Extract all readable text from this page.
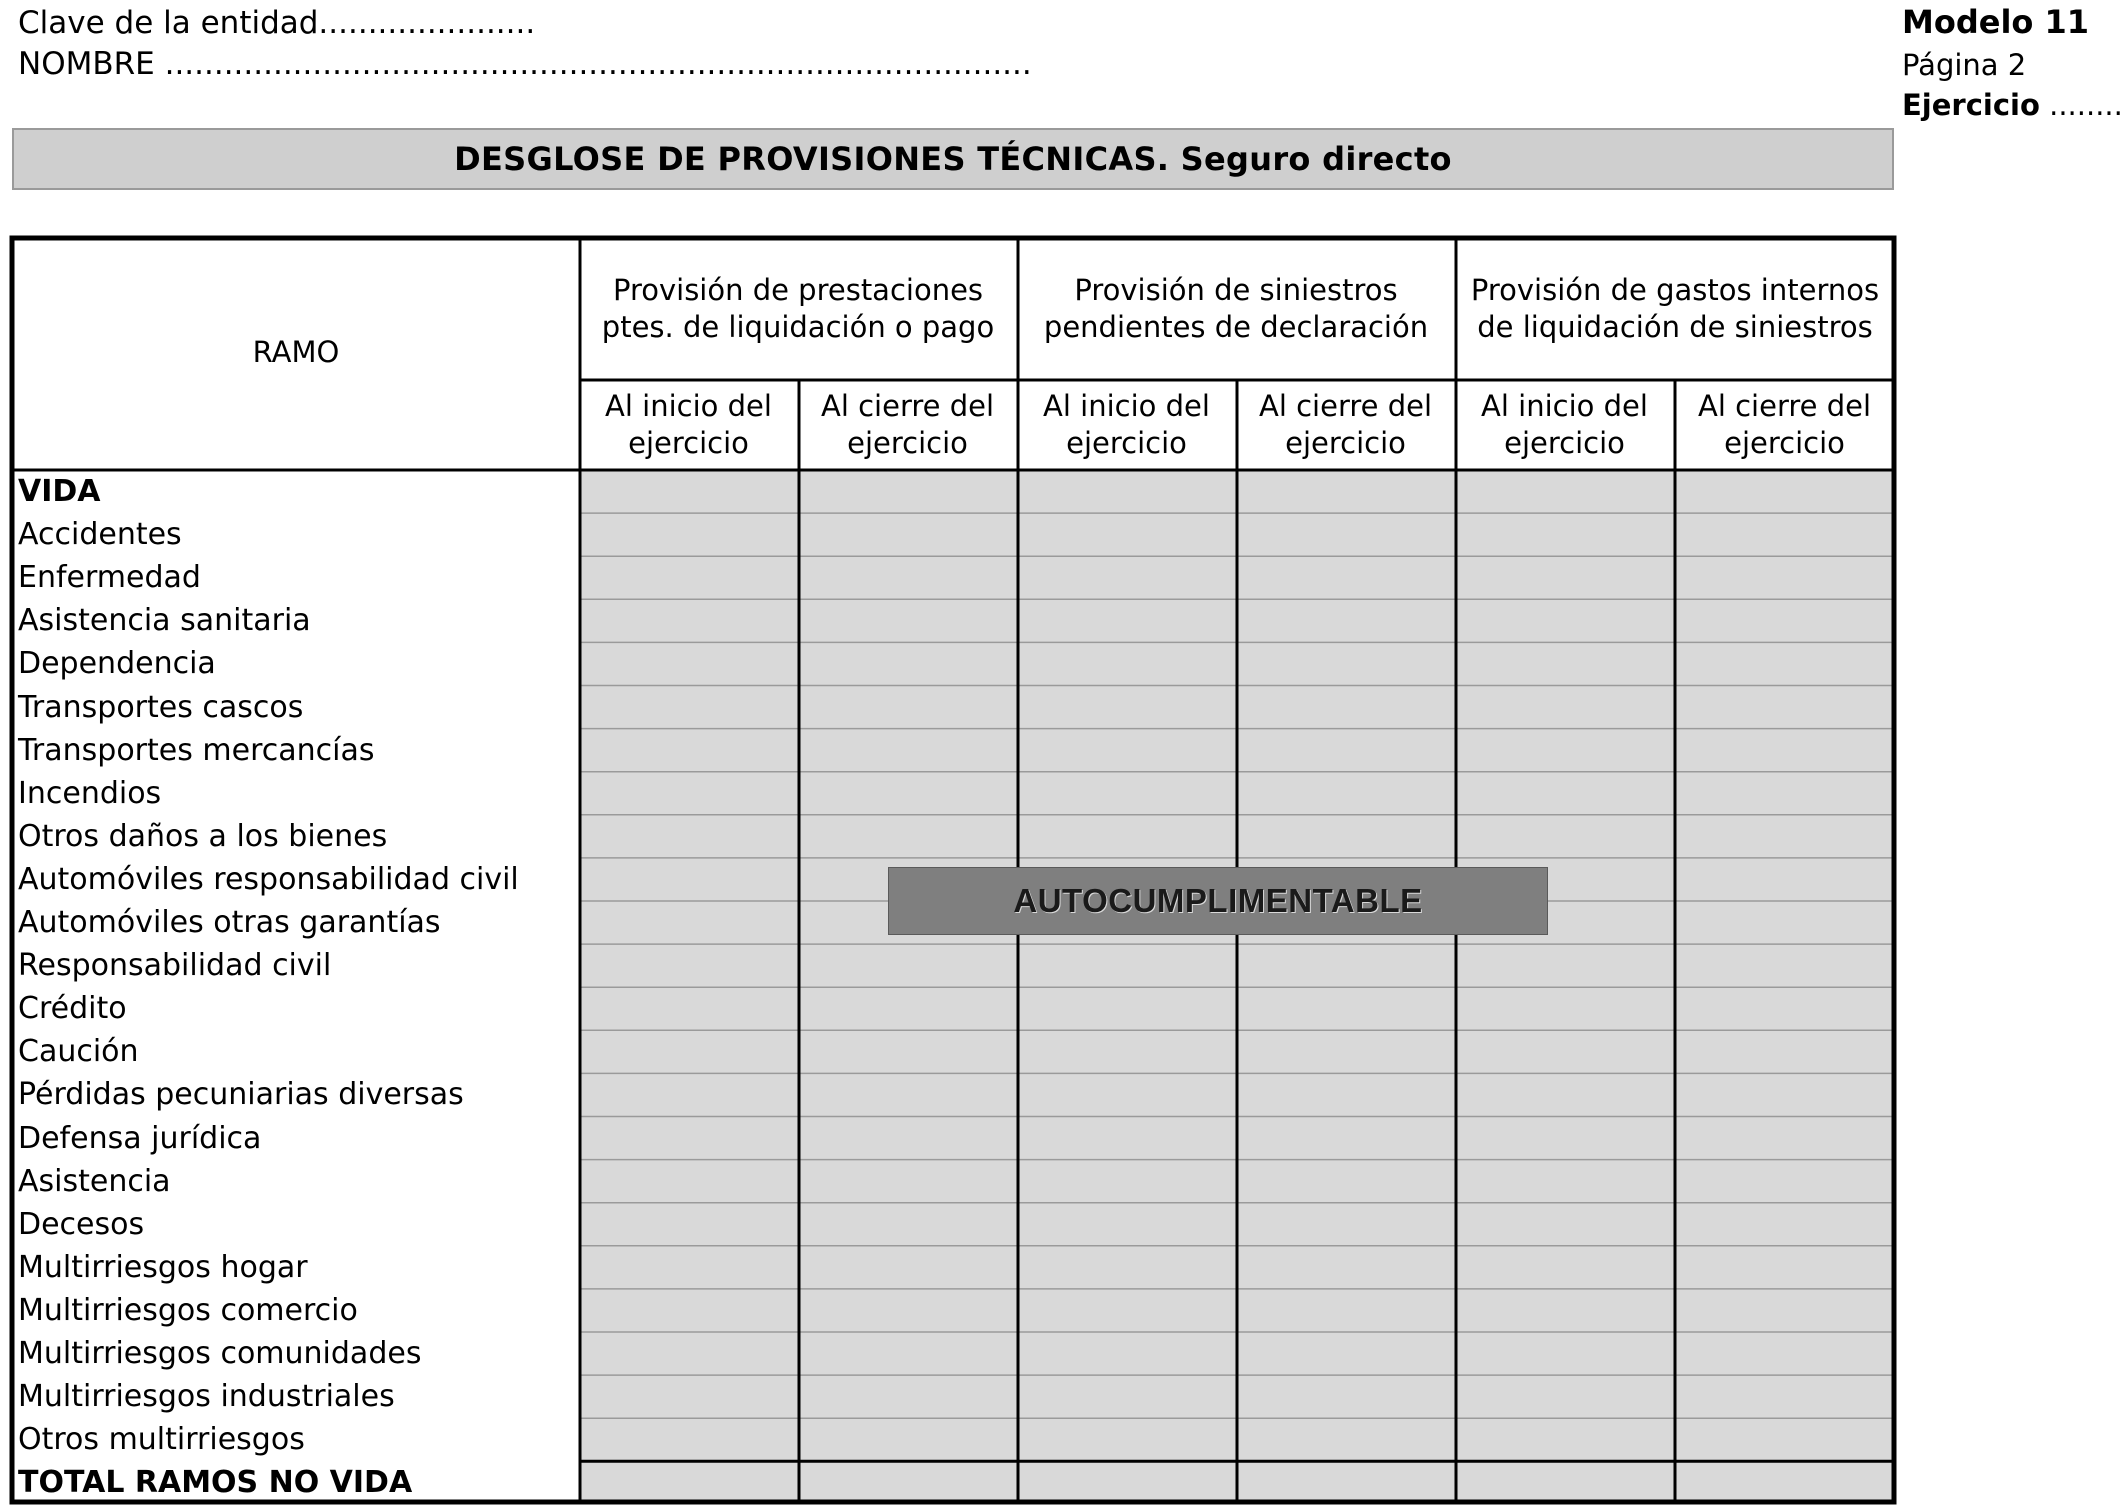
Clave de la entidad......................
NOMBRE ........................................................................................
Modelo 11
Página 2
Ejercicio ........
DESGLOSE DE PROVISIONES TÉCNICAS. Seguro directo
RAMO
Provisión de prestaciones
ptes. de liquidación o pago
Provisión de siniestros
pendientes de declaración
Provisión de gastos internos
de liquidación de siniestros
Al inicio del
ejercicio
Al cierre del
ejercicio
Al inicio del
ejercicio
Al cierre del
ejercicio
Al inicio del
ejercicio
Al cierre del
ejercicio
VIDA
Accidentes
Enfermedad
Asistencia sanitaria
Dependencia
Transportes cascos
Transportes mercancías
Incendios
Otros daños a los bienes
Automóviles responsabilidad civil
Automóviles otras garantías
Responsabilidad civil
Crédito
Caución
Pérdidas pecuniarias diversas
Defensa jurídica
Asistencia
Decesos
Multirriesgos hogar
Multirriesgos comercio
Multirriesgos comunidades
Multirriesgos industriales
Otros multirriesgos
TOTAL RAMOS NO VIDA
AUTOCUMPLIMENTABLE
